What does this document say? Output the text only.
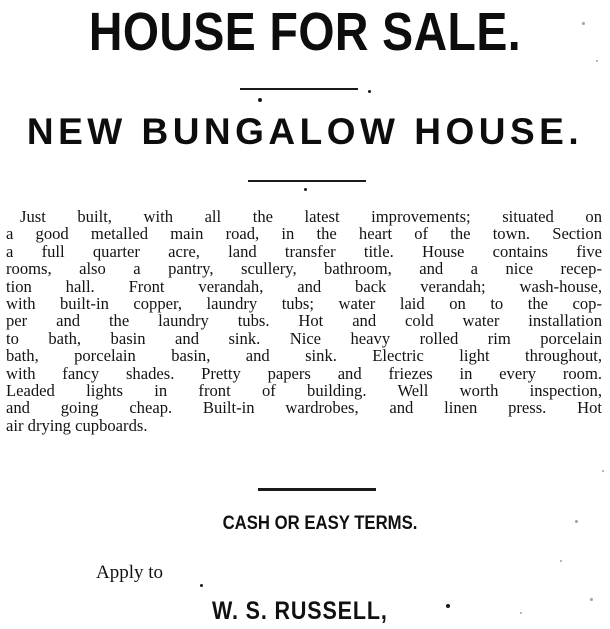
HOUSE FOR SALE.
NEW BUNGALOW HOUSE.
Just built, with all the latest improvements; situated on
a good metalled main road, in the heart of the town. Section
a full quarter acre, land transfer title. House contains five
rooms, also a pantry, scullery, bathroom, and a nice recep-
tion hall. Front verandah, and back verandah; wash-house,
with built-in copper, laundry tubs; water laid on to the cop-
per and the laundry tubs. Hot and cold water installation
to bath, basin and sink. Nice heavy rolled rim porcelain
bath, porcelain basin, and sink. Electric light throughout,
with fancy shades. Pretty papers and friezes in every room.
Leaded lights in front of building. Well worth inspection,
and going cheap. Built-in wardrobes, and linen press. Hot
air drying cupboards.
CASH OR EASY TERMS.
Apply to
W. S. RUSSELL,
